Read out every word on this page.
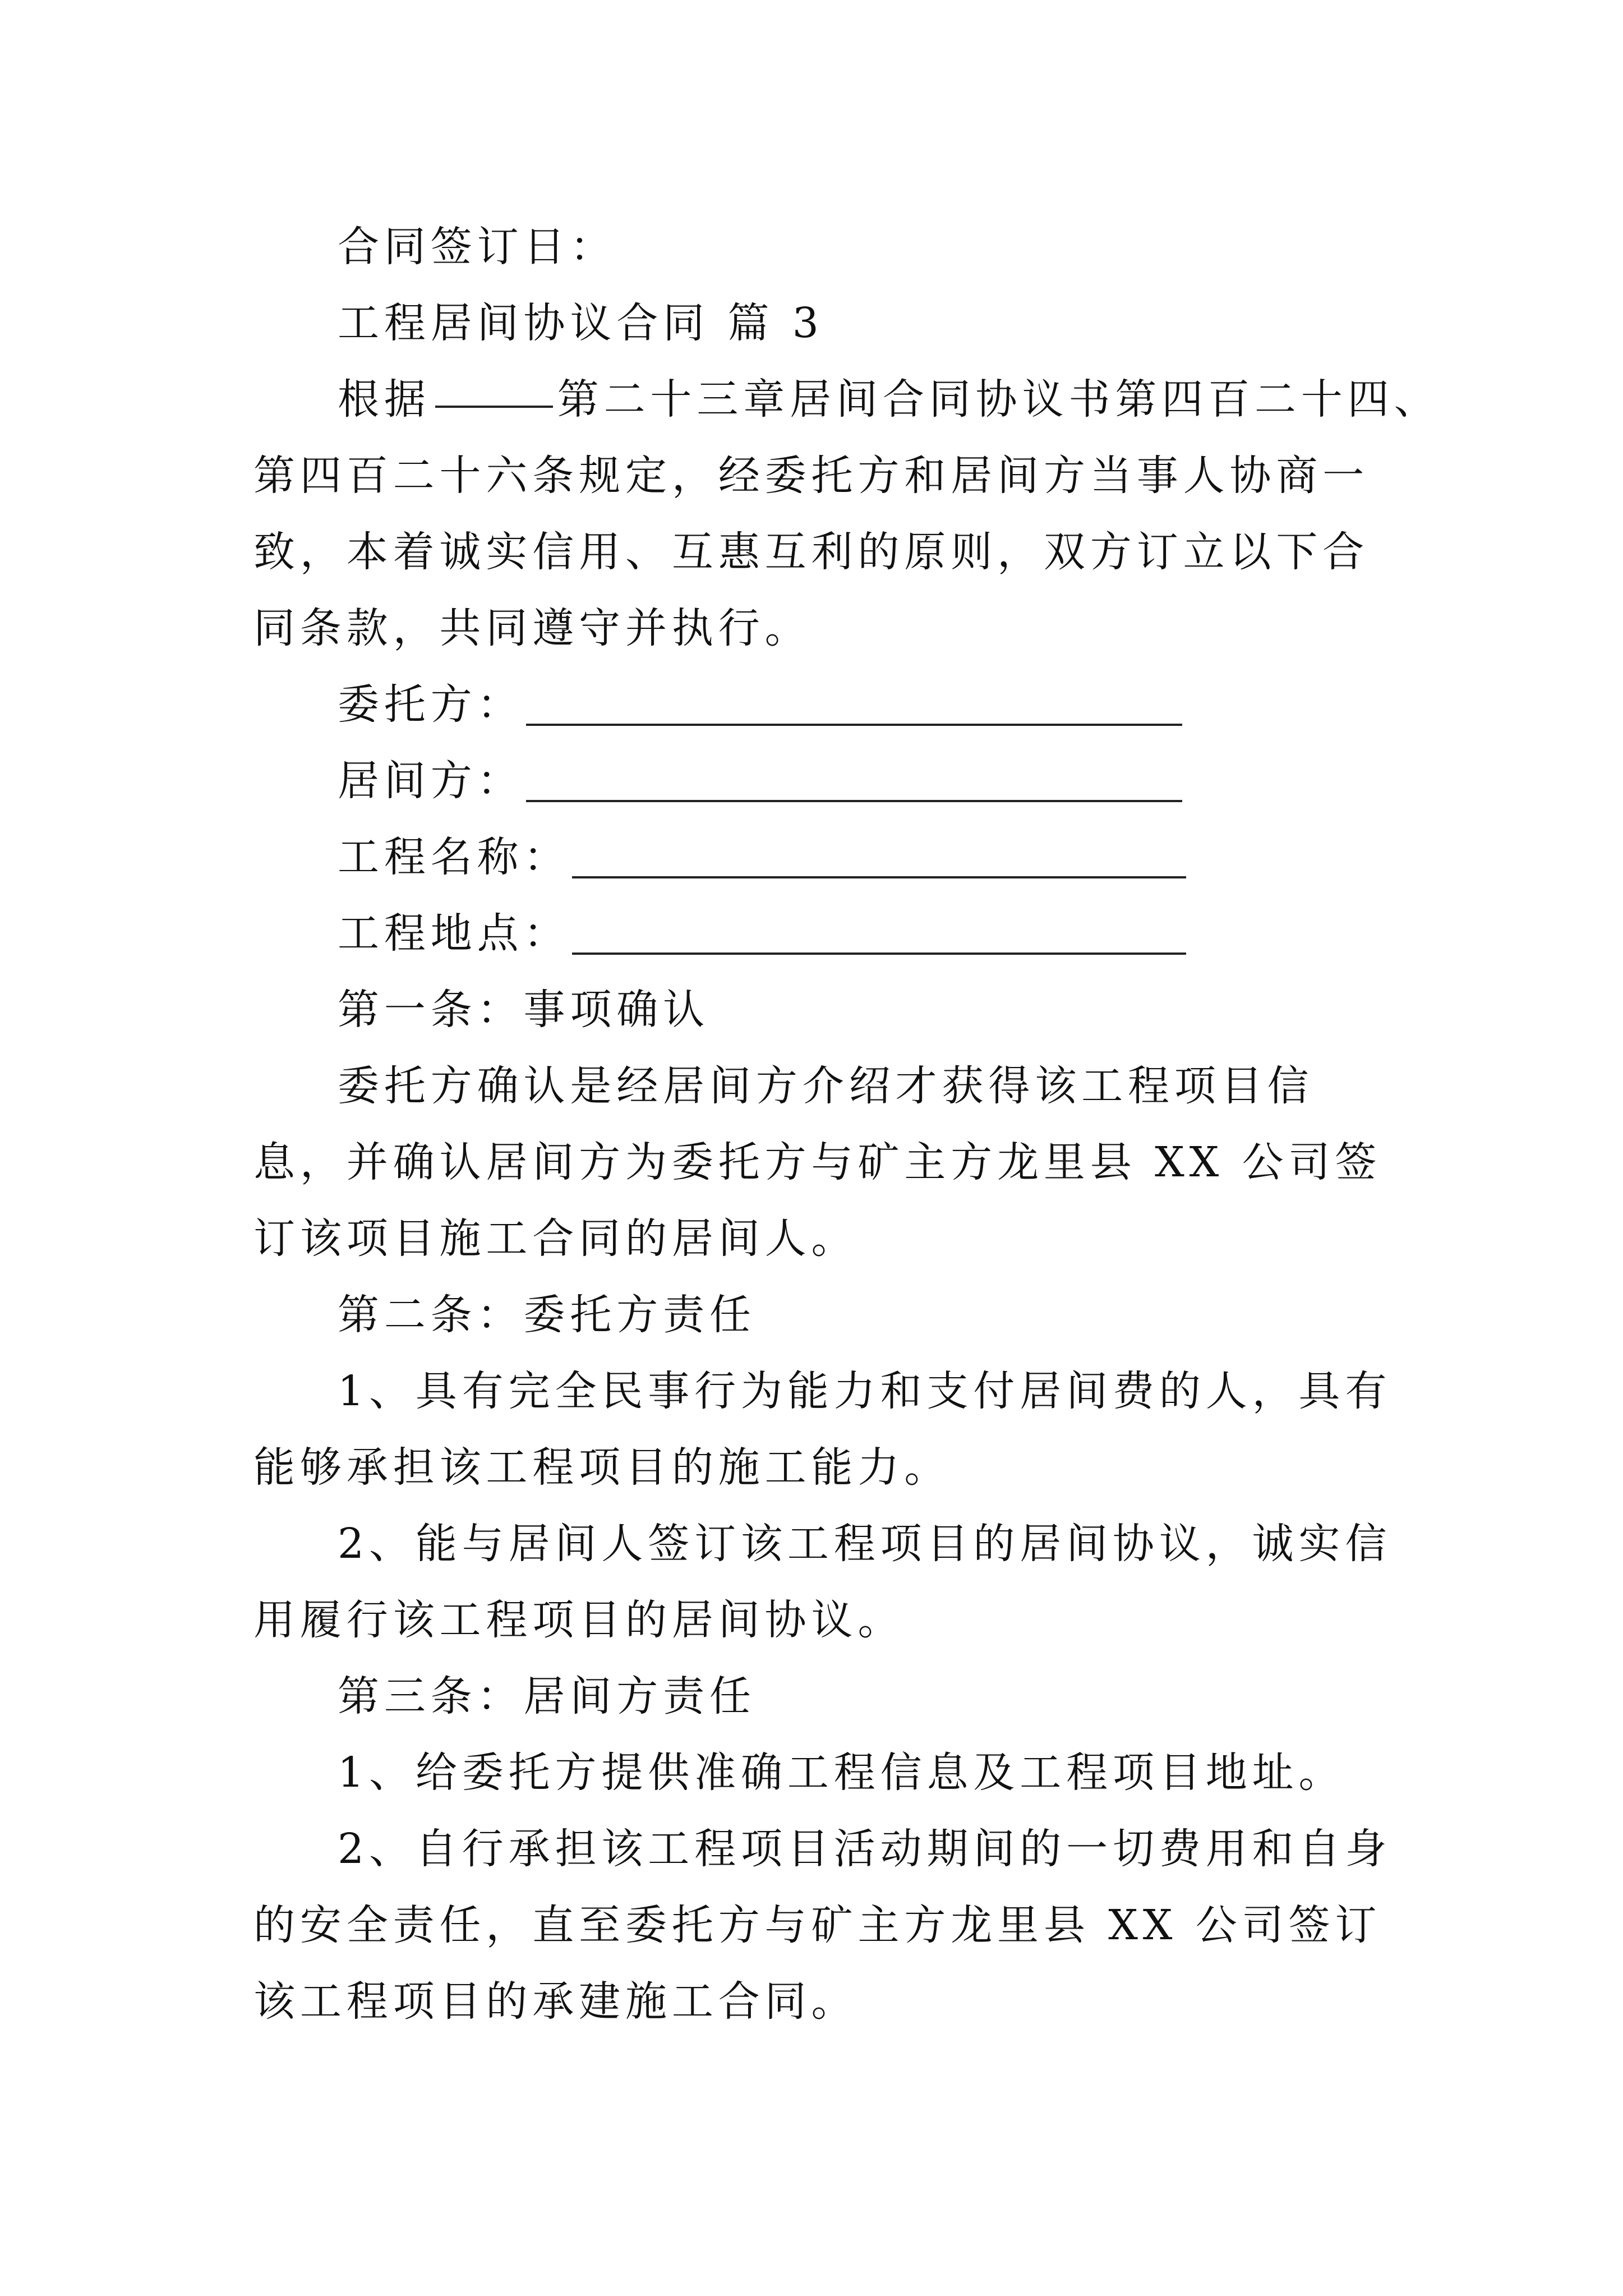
合同签订日：
工程居间协议合同 篇 3
根据	第二十三章居间合同协议书第四百二十四、
第四百二十六条规定，经委托方和居间方当事人协商一致，本着诚实信用、互惠互利的原则，双方订立以下合同条款，共同遵守并执行。
委托方：
居间方：
工程名称：
工程地点：
第一条：事项确认
委托方确认是经居间方介绍才获得该工程项目信息，并确认居间方为委托方与矿主方龙里县 XX 公司签订该项目施工合同的居间人。
第二条：委托方责任
1、具有完全民事行为能力和支付居间费的人，具有能够承担该工程项目的施工能力。
2、能与居间人签订该工程项目的居间协议，诚实信用履行该工程项目的居间协议。
第三条：居间方责任
1、给委托方提供准确工程信息及工程项目地址。
2、自行承担该工程项目活动期间的一切费用和自身的安全责任，直至委托方与矿主方龙里县 XX 公司签订该工程项目的承建施工合同。
